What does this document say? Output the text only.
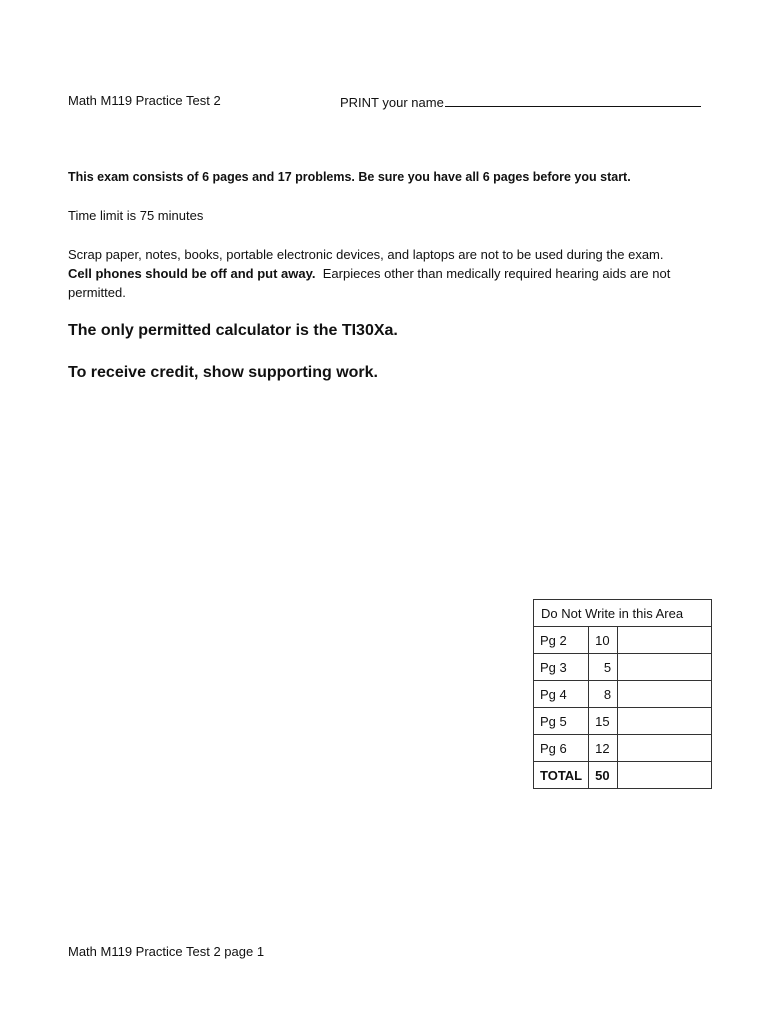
Math M119 Practice Test 2	PRINT your name
This exam consists of 6 pages and 17 problems. Be sure you have all 6 pages before you start.
Time limit is 75 minutes
Scrap paper, notes, books, portable electronic devices, and laptops are not to be used during the exam.
Cell phones should be off and put away. Earpieces other than medically required hearing aids are not permitted.
The only permitted calculator is the TI30Xa.
To receive credit, show supporting work.
Do Not Write in this Area		
Pg 2	10	
Pg 3	5	
Pg 4	8	
Pg 5	15	
Pg 6	12	
TOTAL	50	
Math M119 Practice Test 2 page 1
